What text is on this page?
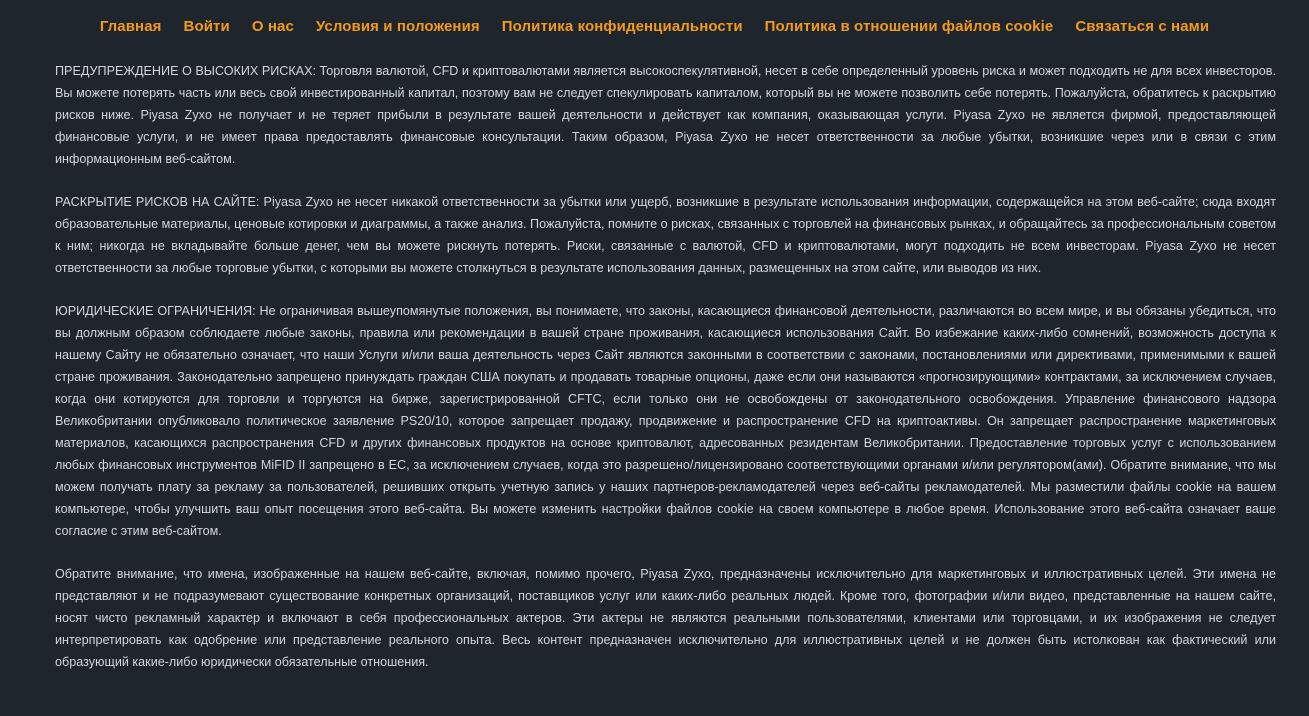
Главная Войти О нас Условия и положения Политика конфиденциальности Политика в отношении файлов cookie Связаться с нами

ПРЕДУПРЕЖДЕНИЕ О ВЫСОКИХ РИСКАХ: Торговля валютой, CFD и криптовалютами является высокоспекулятивной, несет в себе определенный уровень риска и может подходить не для всех инвесторов. Вы можете потерять часть или весь свой инвестированный капитал, поэтому вам не следует спекулировать капиталом, который вы не можете позволить себе потерять. Пожалуйста, обратитесь к раскрытию рисков ниже. Piyasa Zyxo не получает и не теряет прибыли в результате вашей деятельности и действует как компания, оказывающая услуги. Piyasa Zyxo не является фирмой, предоставляющей финансовые услуги, и не имеет права предоставлять финансовые консультации. Таким образом, Piyasa Zyxo не несет ответственности за любые убытки, возникшие через или в связи с этим информационным веб-сайтом.

РАСКРЫТИЕ РИСКОВ НА САЙТЕ: Piyasa Zyxo не несет никакой ответственности за убытки или ущерб, возникшие в результате использования информации, содержащейся на этом веб-сайте; сюда входят образовательные материалы, ценовые котировки и диаграммы, а также анализ. Пожалуйста, помните о рисках, связанных с торговлей на финансовых рынках, и обращайтесь за профессиональным советом к ним; никогда не вкладывайте больше денег, чем вы можете рискнуть потерять. Риски, связанные с валютой, CFD и криптовалютами, могут подходить не всем инвесторам. Piyasa Zyxo не несет ответственности за любые торговые убытки, с которыми вы можете столкнуться в результате использования данных, размещенных на этом сайте, или выводов из них.

ЮРИДИЧЕСКИЕ ОГРАНИЧЕНИЯ: Не ограничивая вышеупомянутые положения, вы понимаете, что законы, касающиеся финансовой деятельности, различаются во всем мире, и вы обязаны убедиться, что вы должным образом соблюдаете любые законы, правила или рекомендации в вашей стране проживания, касающиеся использования Сайт. Во избежание каких-либо сомнений, возможность доступа к нашему Сайту не обязательно означает, что наши Услуги и/или ваша деятельность через Сайт являются законными в соответствии с законами, постановлениями или директивами, применимыми к вашей стране проживания. Законодательно запрещено принуждать граждан США покупать и продавать товарные опционы, даже если они называются «прогнозирующими» контрактами, за исключением случаев, когда они котируются для торговли и торгуются на бирже, зарегистрированной CFTC, если только они не освобождены от законодательного освобождения. Управление финансового надзора Великобритании опубликовало политическое заявление PS20/10, которое запрещает продажу, продвижение и распространение CFD на криптоактивы. Он запрещает распространение маркетинговых материалов, касающихся распространения CFD и других финансовых продуктов на основе криптовалют, адресованных резидентам Великобритании. Предоставление торговых услуг с использованием любых финансовых инструментов MiFID II запрещено в ЕС, за исключением случаев, когда это разрешено/лицензировано соответствующими органами и/или регулятором(ами). Обратите внимание, что мы можем получать плату за рекламу за пользователей, решивших открыть учетную запись у наших партнеров-рекламодателей через веб-сайты рекламодателей. Мы разместили файлы cookie на вашем компьютере, чтобы улучшить ваш опыт посещения этого веб-сайта. Вы можете изменить настройки файлов cookie на своем компьютере в любое время. Использование этого веб-сайта означает ваше согласие с этим веб-сайтом.

Обратите внимание, что имена, изображенные на нашем веб-сайте, включая, помимо прочего, Piyasa Zyxo, предназначены исключительно для маркетинговых и иллюстративных целей. Эти имена не представляют и не подразумевают существование конкретных организаций, поставщиков услуг или каких-либо реальных людей. Кроме того, фотографии и/или видео, представленные на нашем сайте, носят чисто рекламный характер и включают в себя профессиональных актеров. Эти актеры не являются реальными пользователями, клиентами или торговцами, и их изображения не следует интерпретировать как одобрение или представление реального опыта. Весь контент предназначен исключительно для иллюстративных целей и не должен быть истолкован как фактический или образующий какие-либо юридически обязательные отношения.
